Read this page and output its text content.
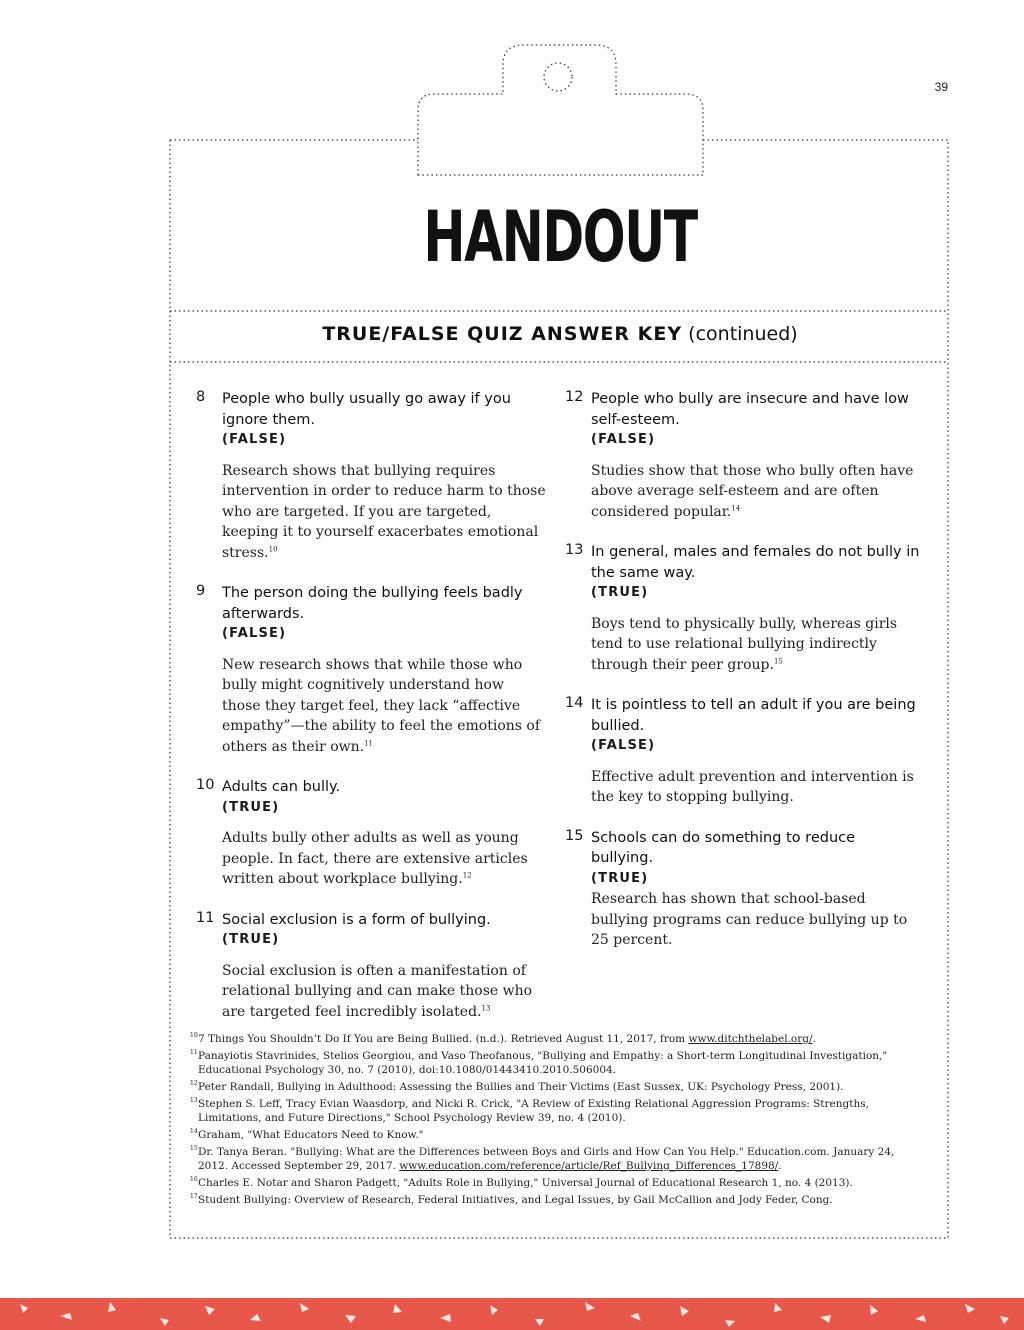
39
HANDOUT
TRUE/FALSE QUIZ ANSWER KEY (continued)
8 People who bully usually go away if you ignore them.
(FALSE)
Research shows that bullying requires intervention in order to reduce harm to those who are targeted. If you are targeted, keeping it to yourself exacerbates emotional stress.$^{10}$
9 The person doing the bullying feels badly afterwards.
(FALSE)
New research shows that while those who bully might cognitively understand how those they target feel, they lack “affective empathy”—the ability to feel the emotions of others as their own.$^{11}$
10 Adults can bully.
(TRUE)
Adults bully other adults as well as young people. In fact, there are extensive articles written about workplace bullying.$^{12}$
11 Social exclusion is a form of bullying.
(TRUE)
Social exclusion is often a manifestation of relational bullying and can make those who are targeted feel incredibly isolated.$^{13}$
12 People who bully are insecure and have low self-esteem.
(FALSE)
Studies show that those who bully often have above average self-esteem and are often considered popular.$^{14}$
13 In general, males and females do not bully in the same way.
(TRUE)
Boys tend to physically bully, whereas girls tend to use relational bullying indirectly through their peer group.$^{15}$
14 It is pointless to tell an adult if you are being bullied.
(FALSE)
Effective adult prevention and intervention is the key to stopping bullying.
15 Schools can do something to reduce bullying.
(TRUE)
Research has shown that school-based bullying programs can reduce bullying up to 25 percent.
10 7 Things You Shouldn’t Do If You are Being Bullied. (n.d.). Retrieved August 11, 2017, from www.ditchthelabel.org/.
11 Panayiotis Stavrinides, Stelios Georgiou, and Vaso Theofanous, "Bullying and Empathy: a Short-term Longitudinal Investigation," Educational Psychology 30, no. 7 (2010), doi:10.1080/01443410.2010.506004.
12 Peter Randall, Bullying in Adulthood: Assessing the Bullies and Their Victims (East Sussex, UK: Psychology Press, 2001).
13 Stephen S. Leff, Tracy Evian Waasdorp, and Nicki R. Crick, "A Review of Existing Relational Aggression Programs: Strengths, Limitations, and Future Directions," School Psychology Review 39, no. 4 (2010).
14 Graham, "What Educators Need to Know."
15 Dr. Tanya Beran. "Bullying: What are the Differences between Boys and Girls and How Can You Help." Education.com. January 24, 2012. Accessed September 29, 2017. www.education.com/reference/article/Ref_Bullying_Differences_17898/.
16 Charles E. Notar and Sharon Padgett, "Adults Role in Bullying," Universal Journal of Educational Research 1, no. 4 (2013).
17 Student Bullying: Overview of Research, Federal Initiatives, and Legal Issues, by Gail McCallion and Jody Feder, Cong.
